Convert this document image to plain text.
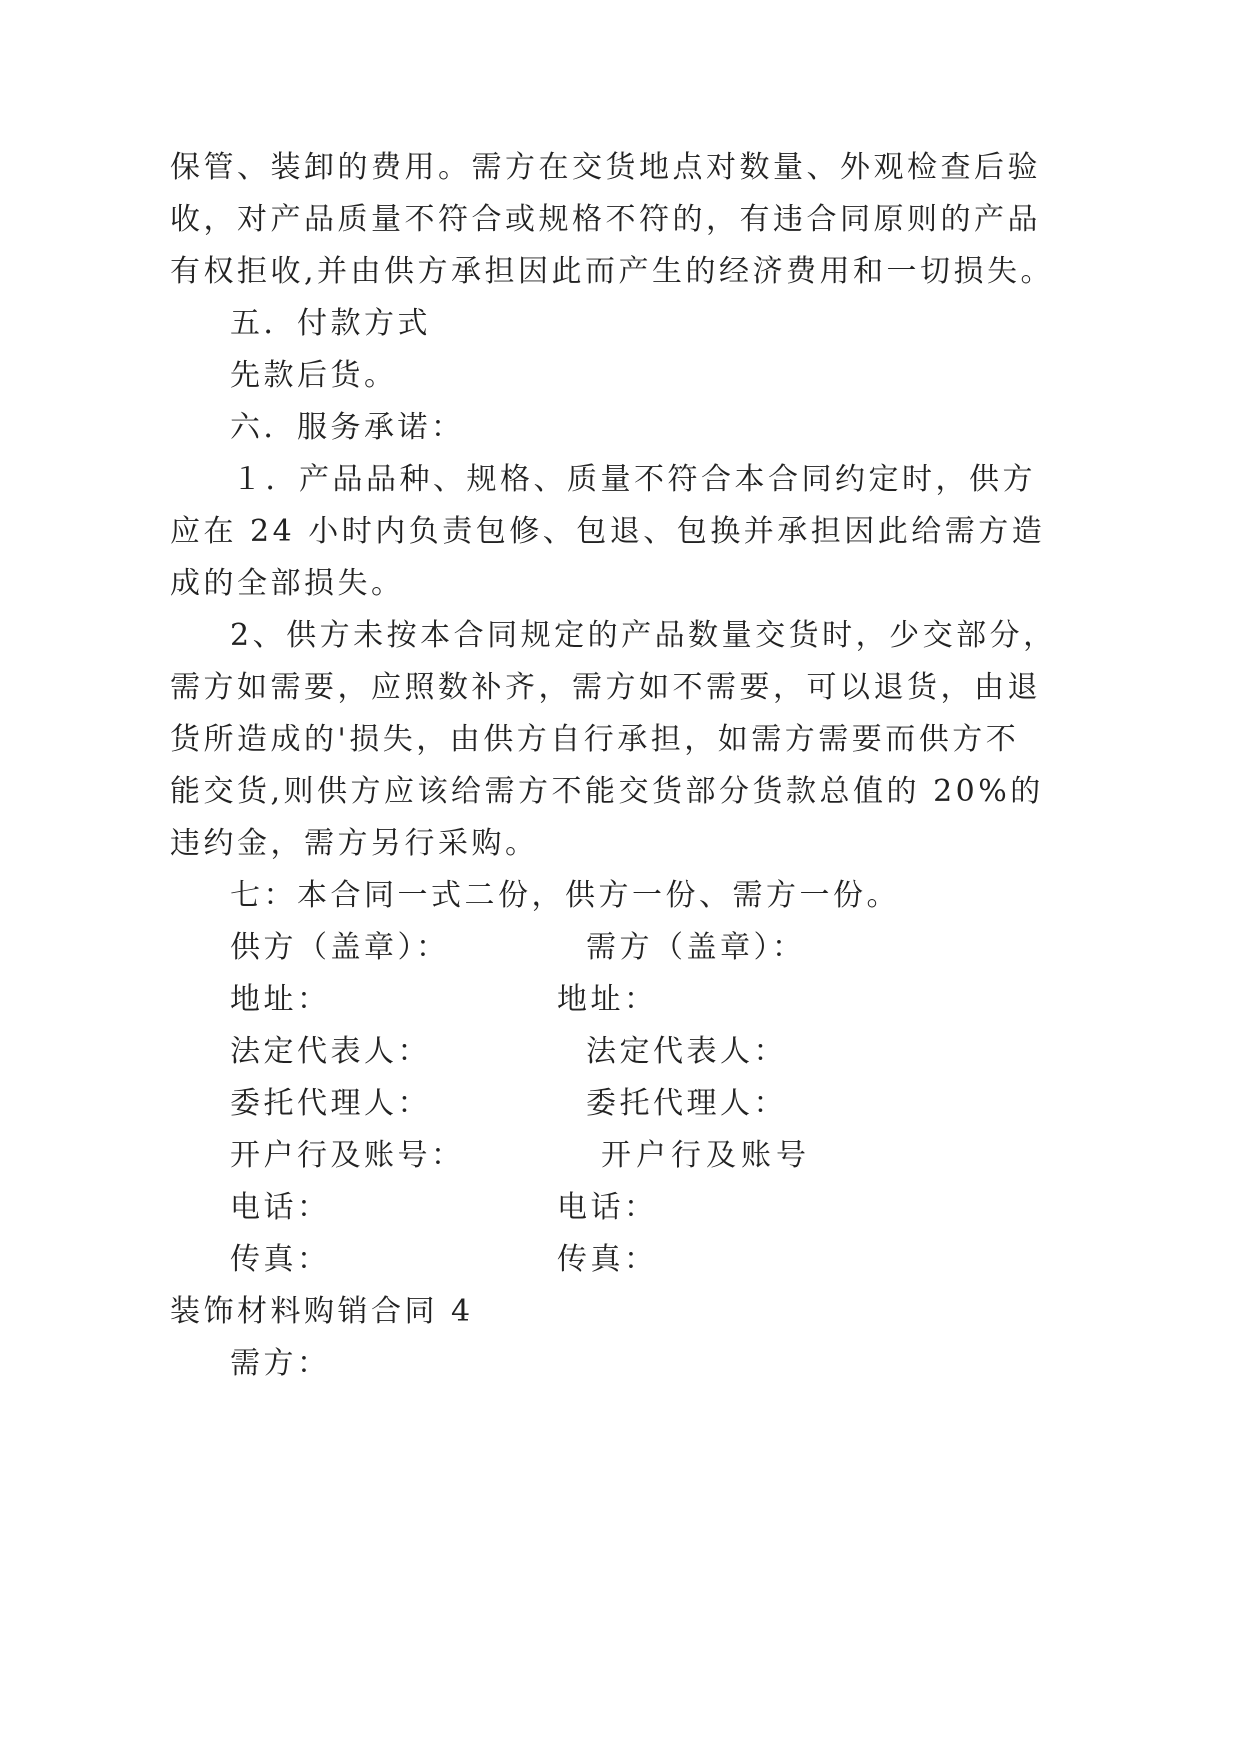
保管、装卸的费用。需方在交货地点对数量、外观检查后验
收，对产品质量不符合或规格不符的，有违合同原则的产品
有权拒收,并由供方承担因此而产生的经济费用和一切损失。
五．付款方式
先款后货。
六．服务承诺：
１．产品品种、规格、质量不符合本合同约定时，供方
应在 24 小时内负责包修、包退、包换并承担因此给需方造
成的全部损失。
2、供方未按本合同规定的产品数量交货时，少交部分，
需方如需要，应照数补齐，需方如不需要，可以退货，由退
货所造成的'损失，由供方自行承担，如需方需要而供方不
能交货,则供方应该给需方不能交货部分货款总值的 20%的
违约金，需方另行采购。
七：本合同一式二份，供方一份、需方一份。
供方（盖章）：	需方（盖章）：
地址：	地址：
法定代表人：	法定代表人：
委托代理人：	委托代理人：
开户行及账号：	开户行及账号
电话：	电话：
传真：	传真：
装饰材料购销合同 4
需方：
